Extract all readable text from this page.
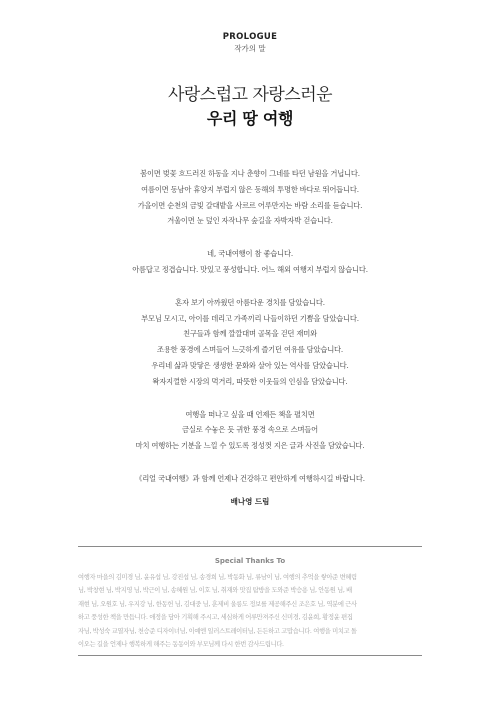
PROLOGUE
작가의 말
사랑스럽고 자랑스러운
우리 땅 여행
봄이면 벚꽃 흐드러진 하동을 지나 춘향이 그네를 타던 남원을 거닙니다.
여름이면 동남아 휴양지 부럽지 않은 동해의 투명한 바다로 뛰어듭니다.
가을이면 순천의 금빛 갈대밭을 사르르 어루만지는 바람 소리를 듣습니다.
겨울이면 눈 덮인 자작나무 숲길을 자박자박 걷습니다.
네, 국내여행이 참 좋습니다.
아름답고 정겹습니다. 맛있고 풍성합니다. 어느 해외 여행지 부럽지 않습니다.
혼자 보기 아까웠던 아름다운 경치를 담았습니다.
부모님 모시고, 아이를 데리고 가족끼리 나들이하던 기쁨을 담았습니다.
친구들과 함께 깔깔대며 골목을 걷던 재미와
조용한 풍경에 스며들어 느긋하게 즐기던 여유를 담았습니다.
우리네 삶과 맞닿은 생생한 문화와 살아 있는 역사를 담았습니다.
왁자지껄한 시장의 먹거리, 따뜻한 이웃들의 인심을 담았습니다.
여행을 떠나고 싶을 때 언제든 책을 펼치면
금실로 수놓은 듯 귀한 풍경 속으로 스며들어
마치 여행하는 기분을 느낄 수 있도록 정성껏 지은 글과 사진을 담았습니다.
《리얼 국내여행》과 함께 언제나 건강하고 편안하게 여행하시길 바랍니다.
배나영 드림
Special Thanks To
여행자 마을의 김미경 님, 윤유섭 님, 강진섭 님, 송경희 님, 박동화 님, 류남이 님, 여행의 추억을 쌓아준 변혜림
님, 박창현 님, 박지영 님, 박근이 님, 송혜원 님, 이호 님, 취재와 맛집 탐방을 도와준 박승용 님, 안동원 님, 배
재현 님, 오원호 님, 우지강 님, 한동헌 님, 김대중 님, 훈제비 울릉도 정보를 제공해주신 조은호 님, 역분에 근사
하고 풍성한 책을 만듭니다. 애정을 담아 기획해 주시고, 세심하게 어루만져주신 신미경, 김윤희, 황정윤 편집
자님, 박성숙 교열자님, 천승준 디자이너님, 이예엔 일러스트레이터님, 든든하고 고맙습니다. 여행을 미치고 돌
이오는 길을 언제나 행복하게 해주는 동동이와 부모님께 다시 한번 감사드립니다.
